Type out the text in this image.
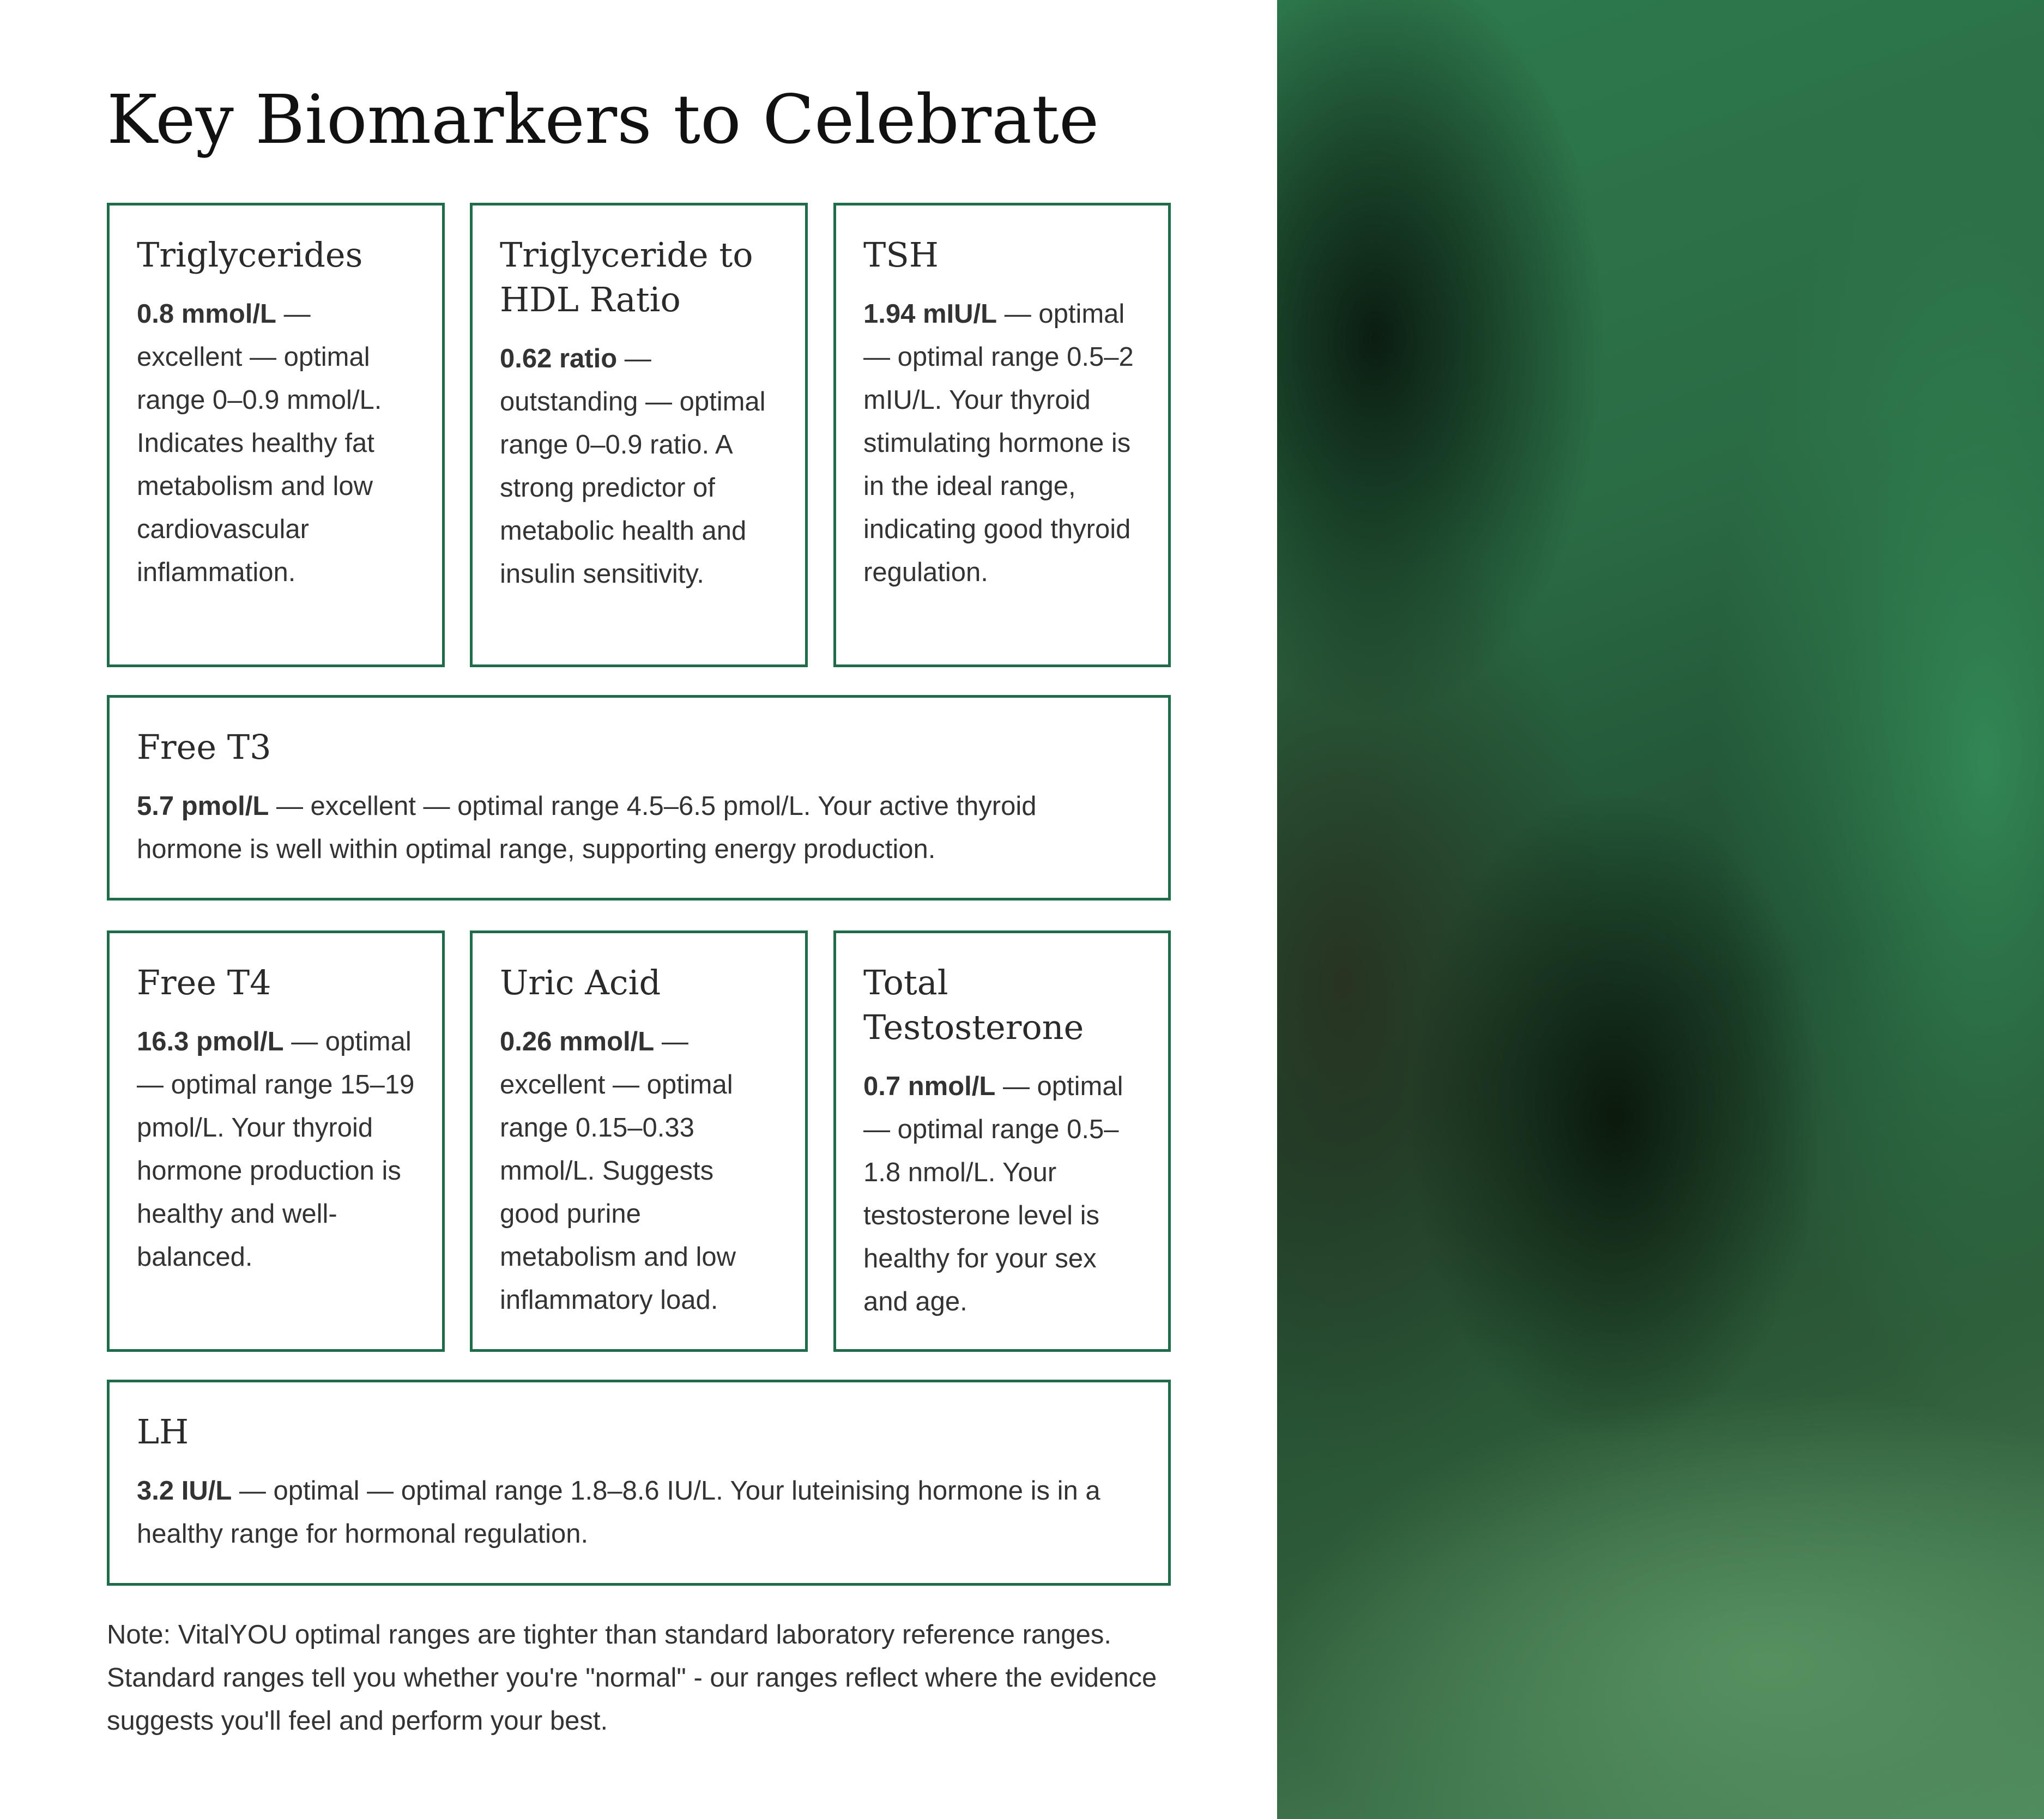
Key Biomarkers to Celebrate
Triglycerides

0.8 mmol/L — excellent — optimal range 0–0.9 mmol/L. Indicates healthy fat metabolism and low cardiovascular inflammation.

Triglyceride to HDL Ratio

0.62 ratio — outstanding — optimal range 0–0.9 ratio. A strong predictor of metabolic health and insulin sensitivity.

TSH

1.94 mIU/L — optimal — optimal range 0.5–2 mIU/L. Your thyroid stimulating hormone is in the ideal range, indicating good thyroid regulation.

Free T3

5.7 pmol/L — excellent — optimal range 4.5–6.5 pmol/L. Your active thyroid hormone is well within optimal range, supporting energy production.

Free T4

16.3 pmol/L — optimal — optimal range 15–19 pmol/L. Your thyroid hormone production is healthy and well-balanced.

Uric Acid

0.26 mmol/L — excellent — optimal range 0.15–0.33 mmol/L. Suggests good purine metabolism and low inflammatory load.

Total Testosterone

0.7 nmol/L — optimal — optimal range 0.5–1.8 nmol/L. Your testosterone level is healthy for your sex and age.

LH

3.2 IU/L — optimal — optimal range 1.8–8.6 IU/L. Your luteinising hormone is in a healthy range for hormonal regulation.

Note: VitalYOU optimal ranges are tighter than standard laboratory reference ranges. Standard ranges tell you whether you're "normal" - our ranges reflect where the evidence suggests you'll feel and perform your best.
